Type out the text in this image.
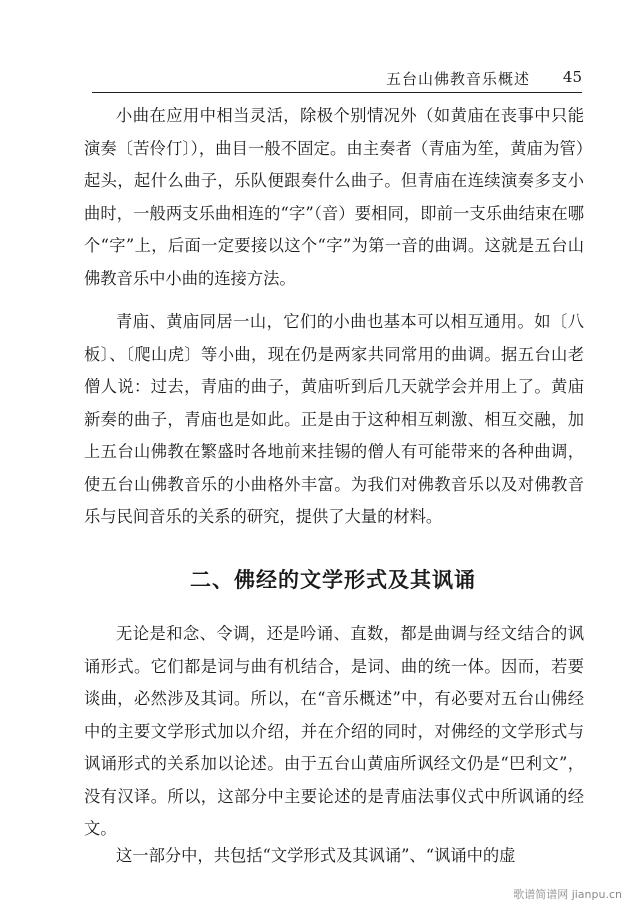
五台山佛教音乐概述 45

小曲在应用中相当灵活，除极个别情况外（如黄庙在丧事中只能演奏〔苦伶仃〕），曲目一般不固定。由主奏者（青庙为笙，黄庙为管）起头，起什么曲子，乐队便跟奏什么曲子。但青庙在连续演奏多支小曲时，一般两支乐曲相连的“字”（音）要相同，即前一支乐曲结束在哪个“字”上，后面一定要接以这个“字”为第一音的曲调。这就是五台山佛教音乐中小曲的连接方法。

青庙、黄庙同居一山，它们的小曲也基本可以相互通用。如〔八板〕、〔爬山虎〕等小曲，现在仍是两家共同常用的曲调。据五台山老僧人说：过去，青庙的曲子，黄庙听到后几天就学会并用上了。黄庙新奏的曲子，青庙也是如此。正是由于这种相互刺激、相互交融，加上五台山佛教在繁盛时各地前来挂锡的僧人有可能带来的各种曲调，使五台山佛教音乐的小曲格外丰富。为我们对佛教音乐以及对佛教音乐与民间音乐的关系的研究，提供了大量的材料。

二、佛经的文学形式及其讽诵

无论是和念、令调，还是吟诵、直数，都是曲调与经文结合的讽诵形式。它们都是词与曲有机结合，是词、曲的统一体。因而，若要谈曲，必然涉及其词。所以，在“音乐概述”中，有必要对五台山佛经中的主要文学形式加以介绍，并在介绍的同时，对佛经的文学形式与讽诵形式的关系加以论述。由于五台山黄庙所讽经文仍是“巴利文”，没有汉译。所以，这部分中主要论述的是青庙法事仪式中所讽诵的经文。

这一部分中，共包括“文学形式及其讽诵”、“讽诵中的虚

歌谱简谱网 jianpu.cn
